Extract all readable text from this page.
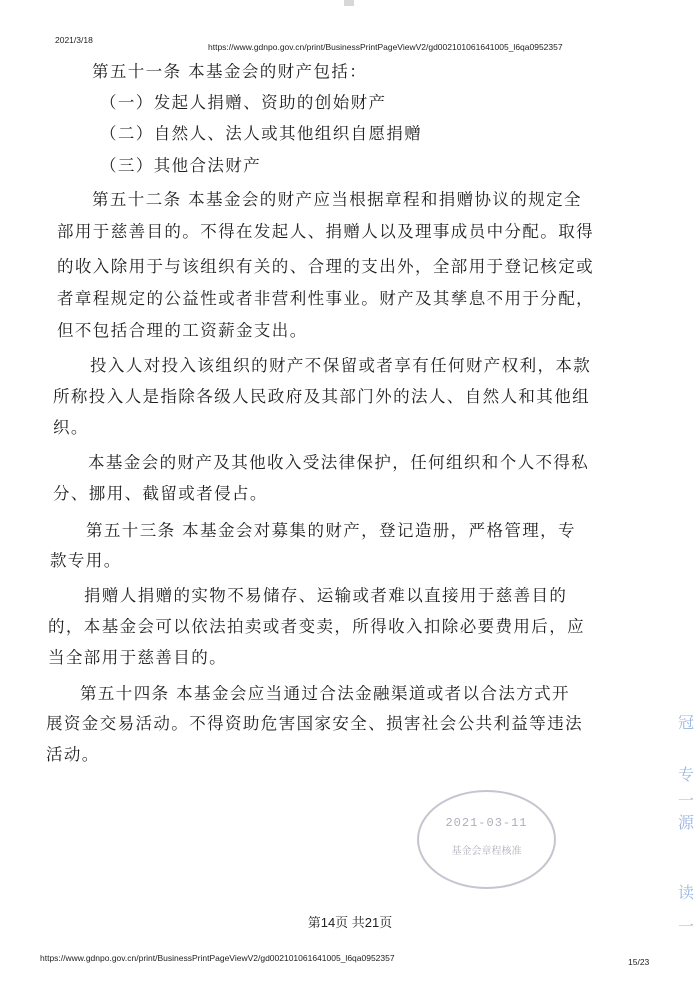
2021/3/18
https://www.gdnpo.gov.cn/print/BusinessPrintPageViewV2/gd002101061641005_l6qa0952357
第五十一条 本基金会的财产包括：
（一）发起人捐赠、资助的创始财产
（二）自然人、法人或其他组织自愿捐赠
（三）其他合法财产
第五十二条 本基金会的财产应当根据章程和捐赠协议的规定全
部用于慈善目的。不得在发起人、捐赠人以及理事成员中分配。取得
的收入除用于与该组织有关的、合理的支出外，全部用于登记核定或
者章程规定的公益性或者非营利性事业。财产及其孳息不用于分配，
但不包括合理的工资薪金支出。
投入人对投入该组织的财产不保留或者享有任何财产权利，本款
所称投入人是指除各级人民政府及其部门外的法人、自然人和其他组
织。
本基金会的财产及其他收入受法律保护，任何组织和个人不得私
分、挪用、截留或者侵占。
第五十三条 本基金会对募集的财产，登记造册，严格管理，专
款专用。
捐赠人捐赠的实物不易储存、运输或者难以直接用于慈善目的
的，本基金会可以依法拍卖或者变卖，所得收入扣除必要费用后，应
当全部用于慈善目的。
第五十四条 本基金会应当通过合法金融渠道或者以合法方式开
展资金交易活动。不得资助危害国家安全、损害社会公共利益等违法
活动。
2021-03-11
基金会章程核准
第14页 共21页
https://www.gdnpo.gov.cn/print/BusinessPrintPageViewV2/gd002101061641005_l6qa0952357	15/23
冠
专
一
源
读
一
